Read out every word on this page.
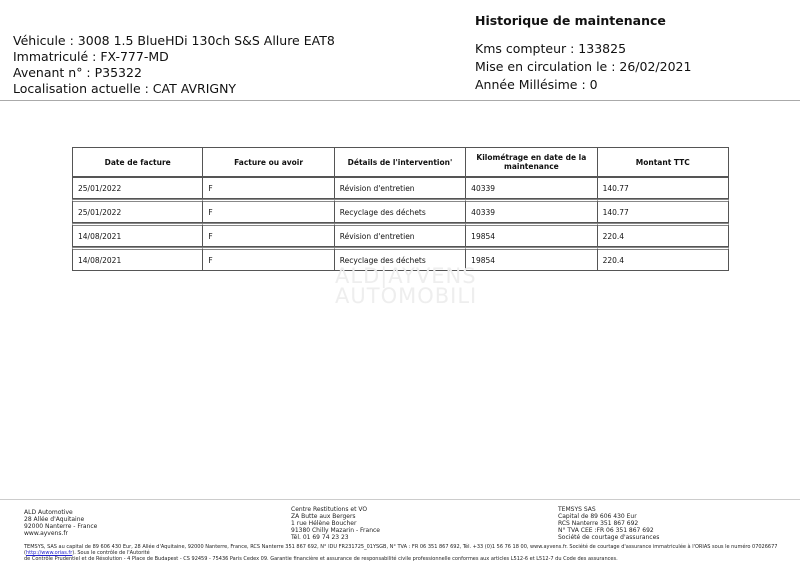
Véhicule : 3008 1.5 BlueHDi 130ch S&S Allure EAT8
Immatriculé : FX-777-MD
Avenant n° : P35322
Localisation actuelle : CAT AVRIGNY
Historique de maintenance
Kms compteur : 133825
Mise en circulation le : 26/02/2021
Année Millésime : 0
Date de facture	Facture ou avoir	Détails de l'intervention'	Kilométrage en date de la maintenance	Montant TTC
25/01/2022	F	Révision d'entretien	40339	140.77
25/01/2022	F	Recyclage des déchets	40339	140.77
14/08/2021	F	Révision d'entretien	19854	220.4
14/08/2021	F	Recyclage des déchets	19854	220.4
ALD|AYVENS
AUTOMOBILI
ALD Automotive
28 Allée d'Aquitaine
92000 Nanterre - France
www.ayvens.fr
Centre Restitutions et VO
ZA Butte aux Bergers
1 rue Hélène Boucher
91380 Chilly Mazarin - France
Tél. 01 69 74 23 23
TEMSYS SAS
Capital de 89 606 430 Eur
RCS Nanterre 351 867 692
N° TVA CEE :FR 06 351 867 692
Société de courtage d'assurances
TEMSYS, SAS au capital de 89 606 430 Eur, 28 Allée d'Aquitaine, 92000 Nanterre, France, RCS Nanterre 351 867 692, N° IDU FR231725_01YSGB, N° TVA : FR 06 351 867 692, Tél. +33 (0)1 56 76 18 00, www.ayvens.fr. Société de courtage d'assurance immatriculée à l'ORIAS sous le numéro 07026677 (http://www.orias.fr). Sous le contrôle de l'Autorité
de Contrôle Prudentiel et de Résolution - 4 Place de Budapest - CS 92459 - 75436 Paris Cedex 09. Garantie financière et assurance de responsabilité civile professionnelle conformes aux articles L512-6 et L512-7 du Code des assurances.
